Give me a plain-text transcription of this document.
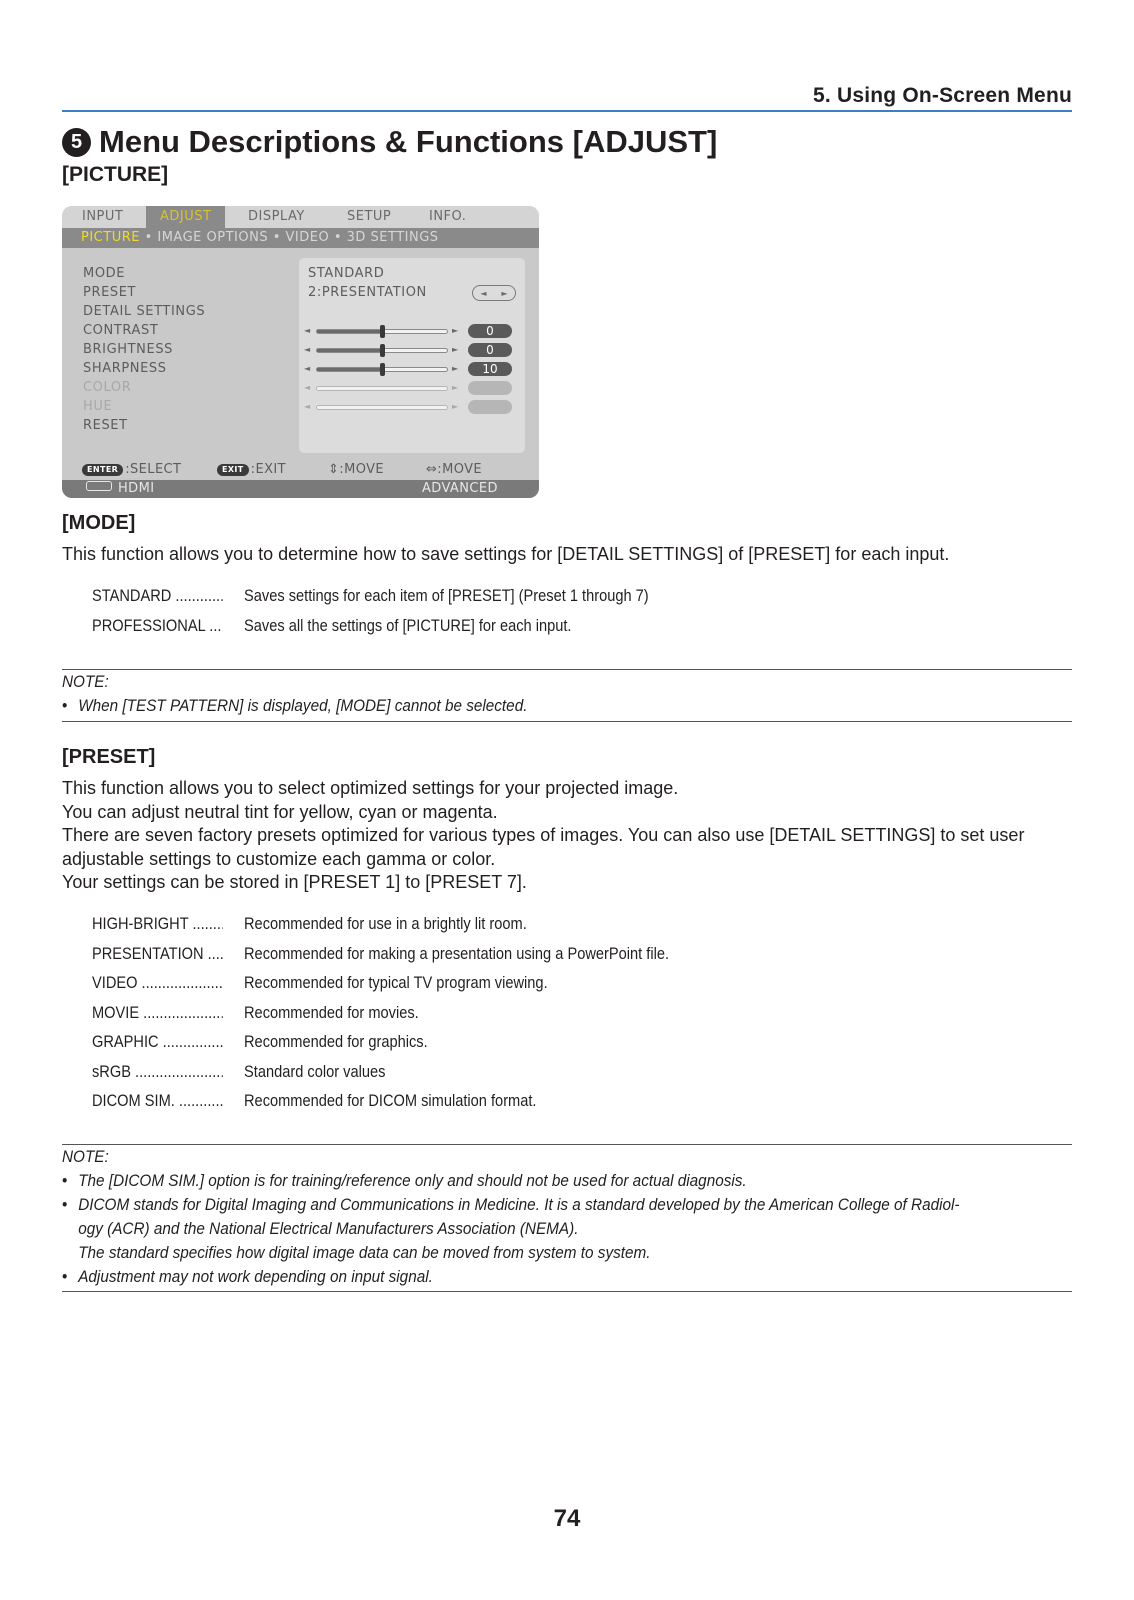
5. Using On-Screen Menu
5 Menu Descriptions & Functions [ADJUST]
[PICTURE]
INPUT	ADJUST	DISPLAY	SETUP	INFO.
PICTURE • IMAGE OPTIONS • VIDEO • 3D SETTINGS
MODE	STANDARD
PRESET	2:PRESENTATION	◄ ►
DETAIL SETTINGS
CONTRAST	◄	►	0
BRIGHTNESS	◄	►	0
SHARPNESS	◄	►	10
COLOR	◄	►
HUE	◄	►
RESET
ENTER :SELECT	EXIT :EXIT	⇕:MOVE	⇔:MOVE
HDMI	ADVANCED
[MODE]
This function allows you to determine how to save settings for [DETAIL SETTINGS] of [PRESET] for each input.
STANDARD .....	Saves settings for each item of [PRESET] (Preset 1 through 7)
PROFESSIONAL .....	Saves all the settings of [PICTURE] for each input.
NOTE:
• When [TEST PATTERN] is displayed, [MODE] cannot be selected.
[PRESET]
This function allows you to select optimized settings for your projected image.
You can adjust neutral tint for yellow, cyan or magenta.
There are seven factory presets optimized for various types of images. You can also use [DETAIL SETTINGS] to set user adjustable settings to customize each gamma or color.
Your settings can be stored in [PRESET 1] to [PRESET 7].
HIGH-BRIGHT .....	Recommended for use in a brightly lit room.
PRESENTATION .....	Recommended for making a presentation using a PowerPoint file.
VIDEO .....	Recommended for typical TV program viewing.
MOVIE .....	Recommended for movies.
GRAPHIC .....	Recommended for graphics.
sRGB .....	Standard color values
DICOM SIM. .....	Recommended for DICOM simulation format.
NOTE:
• The [DICOM SIM.] option is for training/reference only and should not be used for actual diagnosis.
• DICOM stands for Digital Imaging and Communications in Medicine. It is a standard developed by the American College of Radiol-
ogy (ACR) and the National Electrical Manufacturers Association (NEMA).
The standard specifies how digital image data can be moved from system to system.
• Adjustment may not work depending on input signal.
74
